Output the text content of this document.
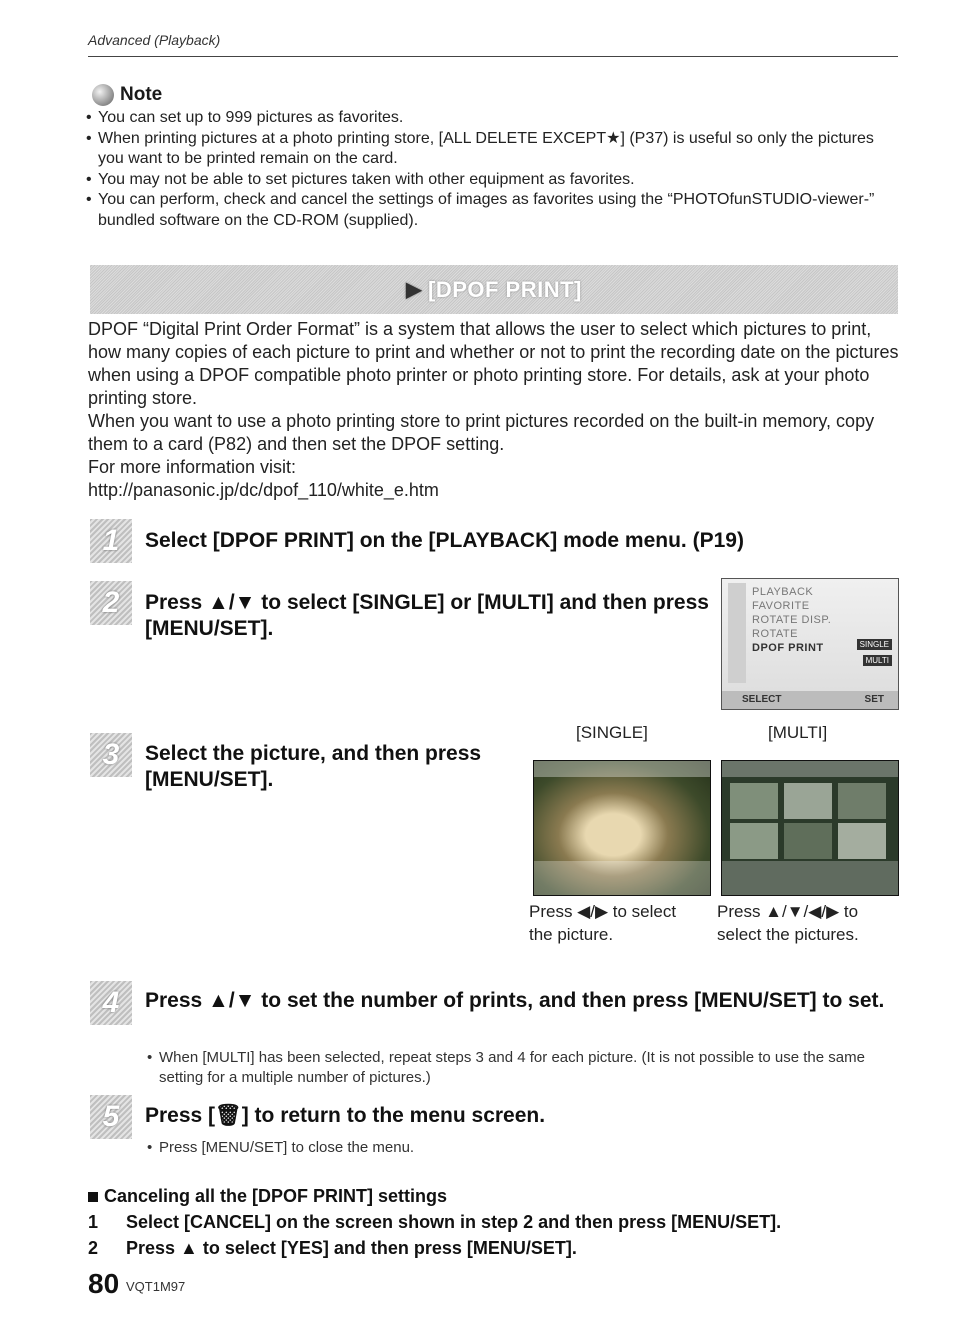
Advanced (Playback)
Note
• You can set up to 999 pictures as favorites.
• When printing pictures at a photo printing store, [ALL DELETE EXCEPT★] (P37) is useful so only the pictures you want to be printed remain on the card.
• You may not be able to set pictures taken with other equipment as favorites.
• You can perform, check and cancel the settings of images as favorites using the “PHOTOfunSTUDIO-viewer-” bundled software on the CD-ROM (supplied).
▶ [DPOF PRINT]

DPOF “Digital Print Order Format” is a system that allows the user to select which pictures to print, how many copies of each picture to print and whether or not to print the recording date on the pictures when using a DPOF compatible photo printer or photo printing store. For details, ask at your photo printing store.

When you want to use a photo printing store to print pictures recorded on the built-in memory, copy them to a card (P82) and then set the DPOF setting.

For more information visit:

http://panasonic.jp/dc/dpof_110/white_e.htm

1	Select [DPOF PRINT] on the [PLAYBACK] mode menu. (P19)
2	Press ▲/▼ to select [SINGLE] or [MULTI] and then press [MENU/SET].
PLAYBACK
FAVORITE
ROTATE DISP.
ROTATE
DPOF PRINT	SINGLE
MULTI
SELECT	SET
3	Select the picture, and then press [MENU/SET].
[SINGLE]	[MULTI]
Press ◀/▶ to select the picture.
Press ▲/▼/◀/▶ to select the pictures.
4	Press ▲/▼ to set the number of prints, and then press [MENU/SET] to set.
• When [MULTI] has been selected, repeat steps 3 and 4 for each picture. (It is not possible to use the same setting for a multiple number of pictures.)
5	Press [🗑] to return to the menu screen.
• Press [MENU/SET] to close the menu.
Canceling all the [DPOF PRINT] settings
1 Select [CANCEL] on the screen shown in step 2 and then press [MENU/SET].
2 Press ▲ to select [YES] and then press [MENU/SET].
80 VQT1M97
